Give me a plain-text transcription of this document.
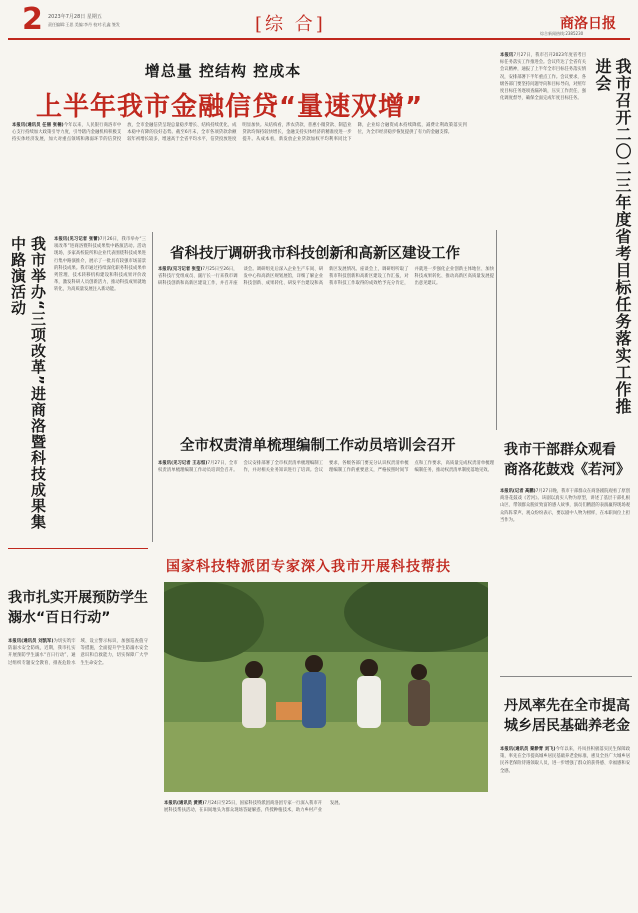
2 2023年7月28日 星期五
责任编辑:王思 美编:李丹 校对:孔鑫 签发	[综 合]	商洛日报
综合新闻热线:2385230
增总量 控结构 控成本
上半年我市金融信贷“量速双增”
本报讯(通讯员 任丽 张楠)今年以来，人民银行商洛市中心支行持续加大政策引导力度，引导辖内金融机构积极支持实体经济发展，加大对重点领域和薄弱环节的信贷投放，全市金融信贷呈现总量稳步增长、结构持续优化、成本稳中有降的良好态势。截至6月末，全市各项贷款余额较年初增长较多，增速高于全省平均水平，信贷投放进度明显加快。从结构看，涉农贷款、普惠小微贷款、制造业贷款均保持较快增长，金融支持实体经济的精准度进一步提升。从成本看，新发放企业贷款加权平均利率同比下降，企业综合融资成本持续降低，减费让利政策落实到位，为全市经济稳步恢复提供了有力的金融支撑。	我市召开二〇二三年度省考目标任务落实工作推进会
本报讯7月27日，我市召开2023年度省考目标任务落实工作推进会。会议传达了全省有关会议精神，通报了上半年全市目标任务落实情况，安排部署下半年重点工作。会议要求，各级各部门要坚持问题导向和目标导向，对照年度目标任务逐项查漏补缺，压实工作责任，强化调度督导，确保全面完成年度目标任务。
我市举办“三项改革”进商洛暨科技成果集中路演活动	本报讯(见习记者 张蕾)7月26日，我市举办“三项改革”进商洛暨科技成果集中路演活动。活动现场，多家高校院所和企业代表围绕科技成果进行集中路演推介，展示了一批具有较强市场前景的科技成果。我市通过持续深化职务科技成果单列管理、技术转移机构建设和科技成果评价改革，激发科研人员创新活力，推动科技成果就地转化，为高质量发展注入新动能。
省科技厅调研我市科技创新和高新区建设工作
本报讯(见习记者 张莹)7月25日至26日，省科技厅党组成员、副厅长一行来我市调研科技创新和高新区建设工作，并召开座谈会。调研组先后深入企业生产车间、研发中心和高新区规划展馆，详细了解企业科技创新、成果转化、研发平台建设和高新区发展情况。座谈会上，调研组听取了我市科技创新和高新区建设工作汇报，对我市科技工作取得的成效给予充分肯定，并就进一步强化企业创新主体地位、加快科技成果转化、推动高新区高质量发展提出意见建议。
全市权责清单梳理编制工作动员培训会召开
本报讯(见习记者 王志恒)7月27日，全市权责清单梳理编制工作动员培训会召开。会议安排部署了全市权责清单梳理编制工作，并对相关业务知识进行了培训。会议要求，各级各部门要充分认识权责清单梳理编制工作的重要意义，严格按照时间节点和工作要求，高质量完成权责清单梳理编制任务，推动权责清单制度落地见效。
我市干部群众观看商洛花鼓戏《若河》
本报讯(记者 高鹏)7月27日晚，我市干部群众在商洛剧院观看了原创商洛花鼓戏《若河》。该剧以真实人物为原型，讲述了基层干部扎根山区、带领群众脱贫致富的感人故事，演员们精湛的表演赢得现场观众阵阵掌声。观众纷纷表示，要以剧中人物为榜样，在本职岗位上担当作为。
我市扎实开展预防学生溺水“百日行动”
本报讯(通讯员 刘凯军)为切实筑牢防溺水安全防线，近期，我市扎实开展预防学生溺水“百日行动”，通过组织专题安全教育、排查危险水域、设立警示标识、加强巡查值守等措施，全面提升学生防溺水安全意识和自救能力，切实保障广大学生生命安全。
国家科技特派团专家深入我市开展科技帮扶
本报讯(通讯员 黄赟)7月24日至25日，国家科技特派团商洛团专家一行深入我市开展科技帮扶活动，在田间地头为群众现场答疑解惑，传授种植技术，助力乡村产业发展。
丹凤率先在全市提高城乡居民基础养老金
本报讯(通讯员 秦渺青 刘飞)今年以来，丹凤县积极落实民生保障政策，率先在全市提高城乡居民基础养老金标准，惠及全县广大城乡居民养老保险待遇领取人员，进一步增强了群众的获得感、幸福感和安全感。
